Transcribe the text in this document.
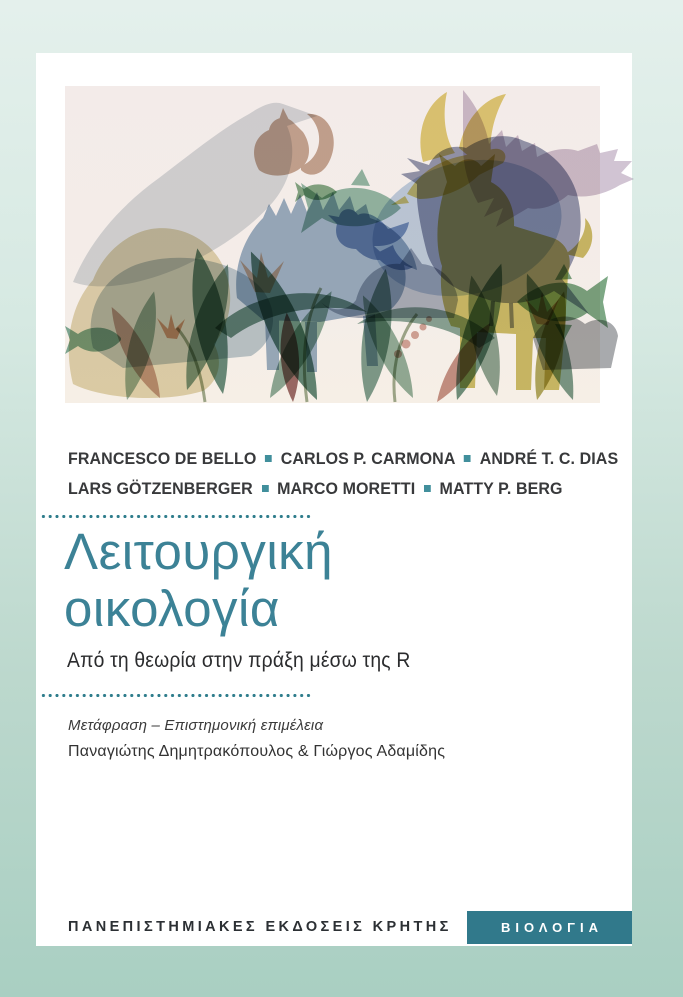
FRANCESCO DE BELLO CARLOS P. CARMONA ANDRÉ T. C. DIAS
LARS GÖTZENBERGER MARCO MORETTI MATTY P. BERG
Λειτουργική
οικολογία
Από τη θεωρία στην πράξη μέσω της R
Μετάφραση – Επιστημονική επιμέλεια
Παναγιώτης Δημητρακόπουλος & Γιώργος Αδαμίδης
ΠΑΝΕΠΙΣΤΗΜΙΑΚΕΣ ΕΚΔΟΣΕΙΣ ΚΡΗΤΗΣ	ΒΙΟΛΟΓΙΑ
